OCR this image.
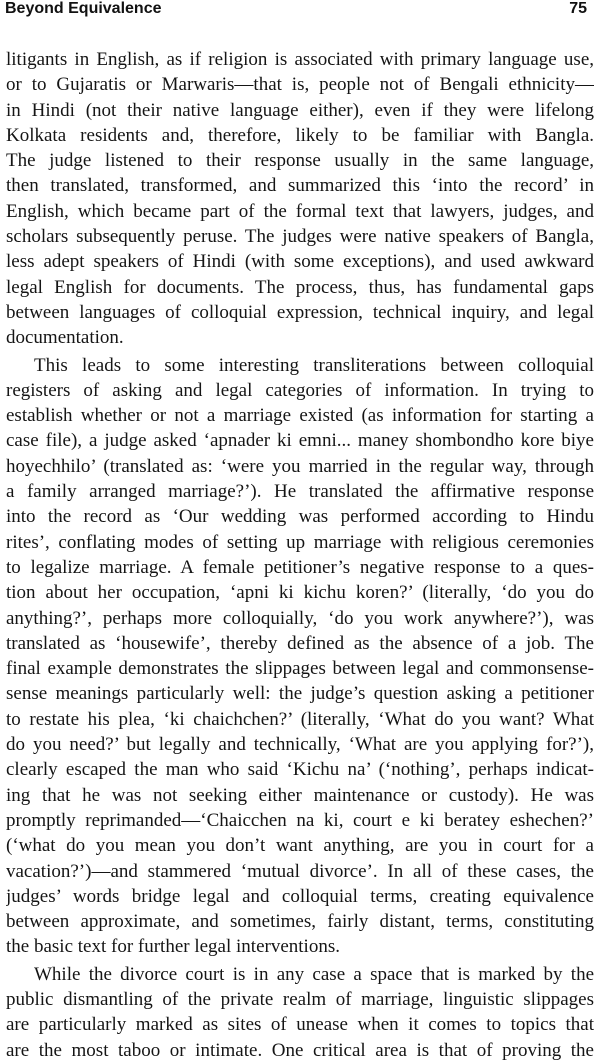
Beyond Equivalence	75
litigants in English, as if religion is associated with primary language use,
or to Gujaratis or Marwaris—that is, people not of Bengali ethnicity—
in Hindi (not their native language either), even if they were lifelong
Kolkata residents and, therefore, likely to be familiar with Bangla.
The judge listened to their response usually in the same language,
then translated, transformed, and summarized this ‘into the record’ in
English, which became part of the formal text that lawyers, judges, and
scholars subsequently peruse. The judges were native speakers of Bangla,
less adept speakers of Hindi (with some exceptions), and used awkward
legal English for documents. The process, thus, has fundamental gaps
between languages of colloquial expression, technical inquiry, and legal
documentation.
This leads to some interesting transliterations between colloquial
registers of asking and legal categories of information. In trying to
establish whether or not a marriage existed (as information for starting a
case file), a judge asked ‘apnader ki emni... maney shombondho kore biye
hoyechhilo’ (translated as: ‘were you married in the regular way, through
a family arranged marriage?’). He translated the affirmative response
into the record as ‘Our wedding was performed according to Hindu
rites’, conflating modes of setting up marriage with religious ceremonies
to legalize marriage. A female petitioner’s negative response to a ques-
tion about her occupation, ‘apni ki kichu koren?’ (literally, ‘do you do
anything?’, perhaps more colloquially, ‘do you work anywhere?’), was
translated as ‘housewife’, thereby defined as the absence of a job. The
final example demonstrates the slippages between legal and commonsense-
sense meanings particularly well: the judge’s question asking a petitioner
to restate his plea, ‘ki chaichchen?’ (literally, ‘What do you want? What
do you need?’ but legally and technically, ‘What are you applying for?’),
clearly escaped the man who said ‘Kichu na’ (‘nothing’, perhaps indicat-
ing that he was not seeking either maintenance or custody). He was
promptly reprimanded—‘Chaicchen na ki, court e ki beratey eshechen?’
(‘what do you mean you don’t want anything, are you in court for a
vacation?’)—and stammered ‘mutual divorce’. In all of these cases, the
judges’ words bridge legal and colloquial terms, creating equivalence
between approximate, and sometimes, fairly distant, terms, constituting
the basic text for further legal interventions.
While the divorce court is in any case a space that is marked by the
public dismantling of the private realm of marriage, linguistic slippages
are particularly marked as sites of unease when it comes to topics that
are the most taboo or intimate. One critical area is that of proving the
